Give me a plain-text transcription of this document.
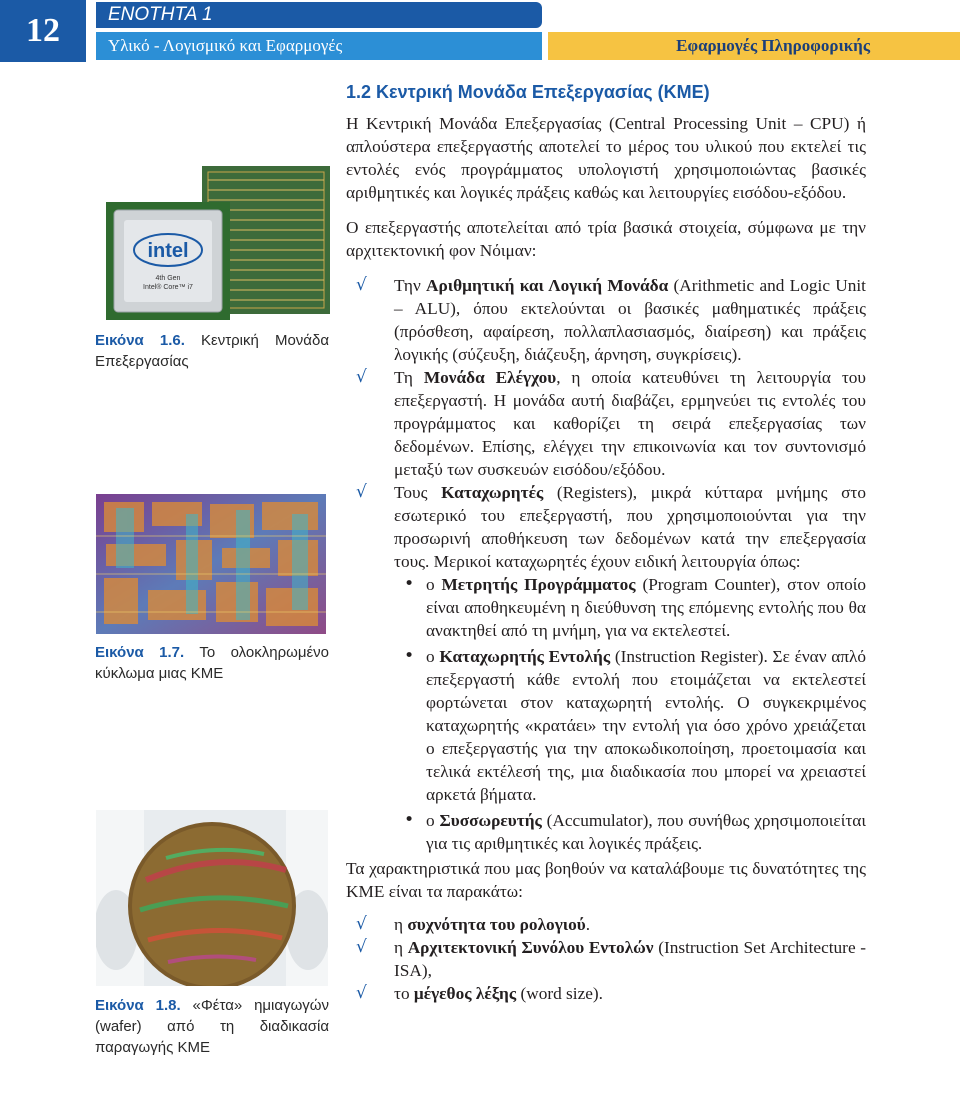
12	ΕΝΟΤΗΤΑ 1
Υλικό - Λογισμικό και Εφαρμογές	Εφαρμογές Πληροφορικής
intel
4th Gen
Intel® Core™ i7
Εικόνα 1.6. Κεντρική Μονάδα Επεξεργασίας
Εικόνα 1.7. Το ολοκληρωμένο κύκλωμα μιας ΚΜΕ
Εικόνα 1.8. «Φέτα» ημιαγωγών (wafer) από τη διαδικασία παραγωγής ΚΜΕ
1.2 Κεντρική Μονάδα Επεξεργασίας (ΚΜΕ)

Η Κεντρική Μονάδα Επεξεργασίας (Central Processing Unit – CPU) ή απλούστερα επεξεργαστής αποτελεί το μέρος του υλικού που εκτελεί τις εντολές ενός προγράμματος υπολογιστή χρησιμοποιώντας βασικές αριθμητικές και λογικές πράξεις καθώς και λειτουργίες εισόδου-εξόδου.

Ο επεξεργαστής αποτελείται από τρία βασικά στοιχεία, σύμφωνα με την αρχιτεκτονική φον Νόιμαν:

√ Την Αριθμητική και Λογική Μονάδα (Arithmetic and Logic Unit – ALU), όπου εκτελούνται οι βασικές μαθηματικές πράξεις (πρόσθεση, αφαίρεση, πολλαπλασιασμός, διαίρεση) και πράξεις λογικής (σύζευξη, διάζευξη, άρνηση, συγκρίσεις).

√ Τη Μονάδα Ελέγχου, η οποία κατευθύνει τη λειτουργία του επεξεργαστή. Η μονάδα αυτή διαβάζει, ερμηνεύει τις εντολές του προγράμματος και καθορίζει τη σειρά επεξεργασίας των δεδομένων. Επίσης, ελέγχει την επικοινωνία και τον συντονισμό μεταξύ των συσκευών εισόδου/εξόδου.

√ Τους Καταχωρητές (Registers), μικρά κύτταρα μνήμης στο εσωτερικό του επεξεργαστή, που χρησιμοποιούνται για την προσωρινή αποθήκευση των δεδομένων κατά την επεξεργασία τους. Μερικοί καταχωρητές έχουν ειδική λειτουργία όπως:

• ο Μετρητής Προγράμματος (Program Counter), στον οποίο είναι αποθηκευμένη η διεύθυνση της επόμενης εντολής που θα ανακτηθεί από τη μνήμη, για να εκτελεστεί.

• ο Καταχωρητής Εντολής (Instruction Register). Σε έναν απλό επεξεργαστή κάθε εντολή που ετοιμάζεται να εκτελεστεί φορτώνεται στον καταχωρητή εντολής. Ο συγκεκριμένος καταχωρητής «κρατάει» την εντολή για όσο χρόνο χρειάζεται ο επεξεργαστής για την αποκωδικοποίηση, προετοιμασία και τελικά εκτέλεσή της, μια διαδικασία που μπορεί να χρειαστεί αρκετά βήματα.

• ο Συσσωρευτής (Accumulator), που συνήθως χρησιμοποιείται για τις αριθμητικές και λογικές πράξεις.

Τα χαρακτηριστικά που μας βοηθούν να καταλάβουμε τις δυνατότητες της ΚΜΕ είναι τα παρακάτω:

√ η συχνότητα του ρολογιού.

√ η Αρχιτεκτονική Συνόλου Εντολών (Instruction Set Architecture - ISA),

√ το μέγεθος λέξης (word size).
